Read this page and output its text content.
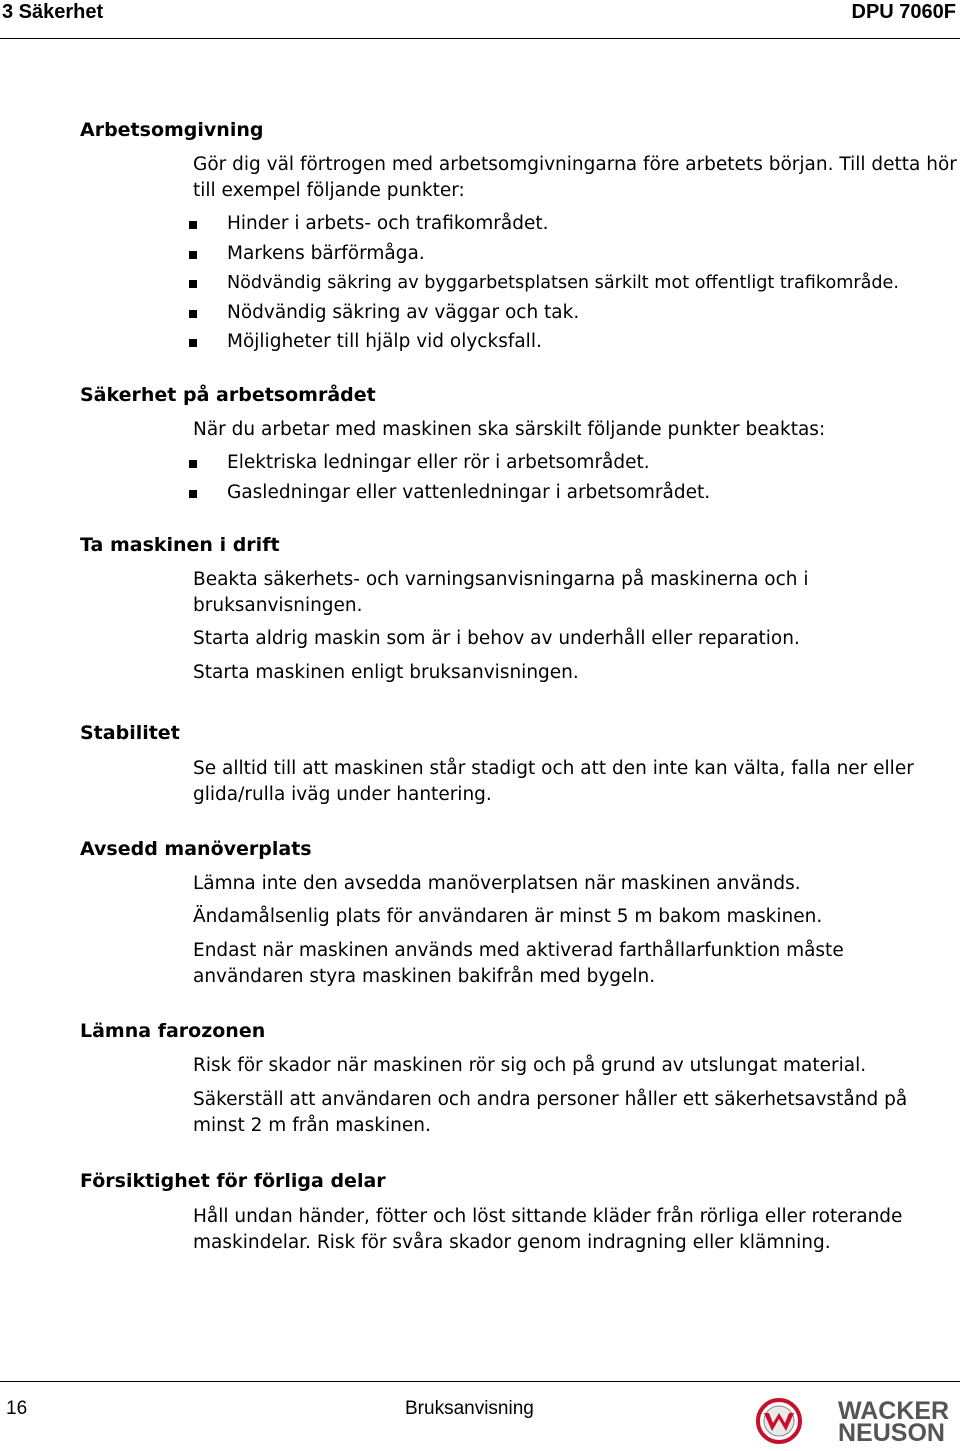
3 Säkerhet	DPU 7060F
Arbetsomgivning
Gör dig väl förtrogen med arbetsomgivningarna före arbetets början. Till detta hör till exempel följande punkter:
Hinder i arbets- och trafikområdet.
Markens bärförmåga.
Nödvändig säkring av byggarbetsplatsen särkilt mot offentligt trafikområde.
Nödvändig säkring av väggar och tak.
Möjligheter till hjälp vid olycksfall.
Säkerhet på arbetsområdet
När du arbetar med maskinen ska särskilt följande punkter beaktas:
Elektriska ledningar eller rör i arbetsområdet.
Gasledningar eller vattenledningar i arbetsområdet.
Ta maskinen i drift
Beakta säkerhets- och varningsanvisningarna på maskinerna och i bruksanvisningen.
Starta aldrig maskin som är i behov av underhåll eller reparation.
Starta maskinen enligt bruksanvisningen.
Stabilitet
Se alltid till att maskinen står stadigt och att den inte kan välta, falla ner eller glida/rulla iväg under hantering.
Avsedd manöverplats
Lämna inte den avsedda manöverplatsen när maskinen används.
Ändamålsenlig plats för användaren är minst 5 m bakom maskinen.
Endast när maskinen används med aktiverad farthållarfunktion måste användaren styra maskinen bakifrån med bygeln.
Lämna farozonen
Risk för skador när maskinen rör sig och på grund av utslungat material.
Säkerställ att användaren och andra personer håller ett säkerhetsavstånd på minst 2 m från maskinen.
Försiktighet för förliga delar
Håll undan händer, fötter och löst sittande kläder från rörliga eller roterande maskindelar. Risk för svåra skador genom indragning eller klämning.
16	Bruksanvisning	WACKER
NEUSON
